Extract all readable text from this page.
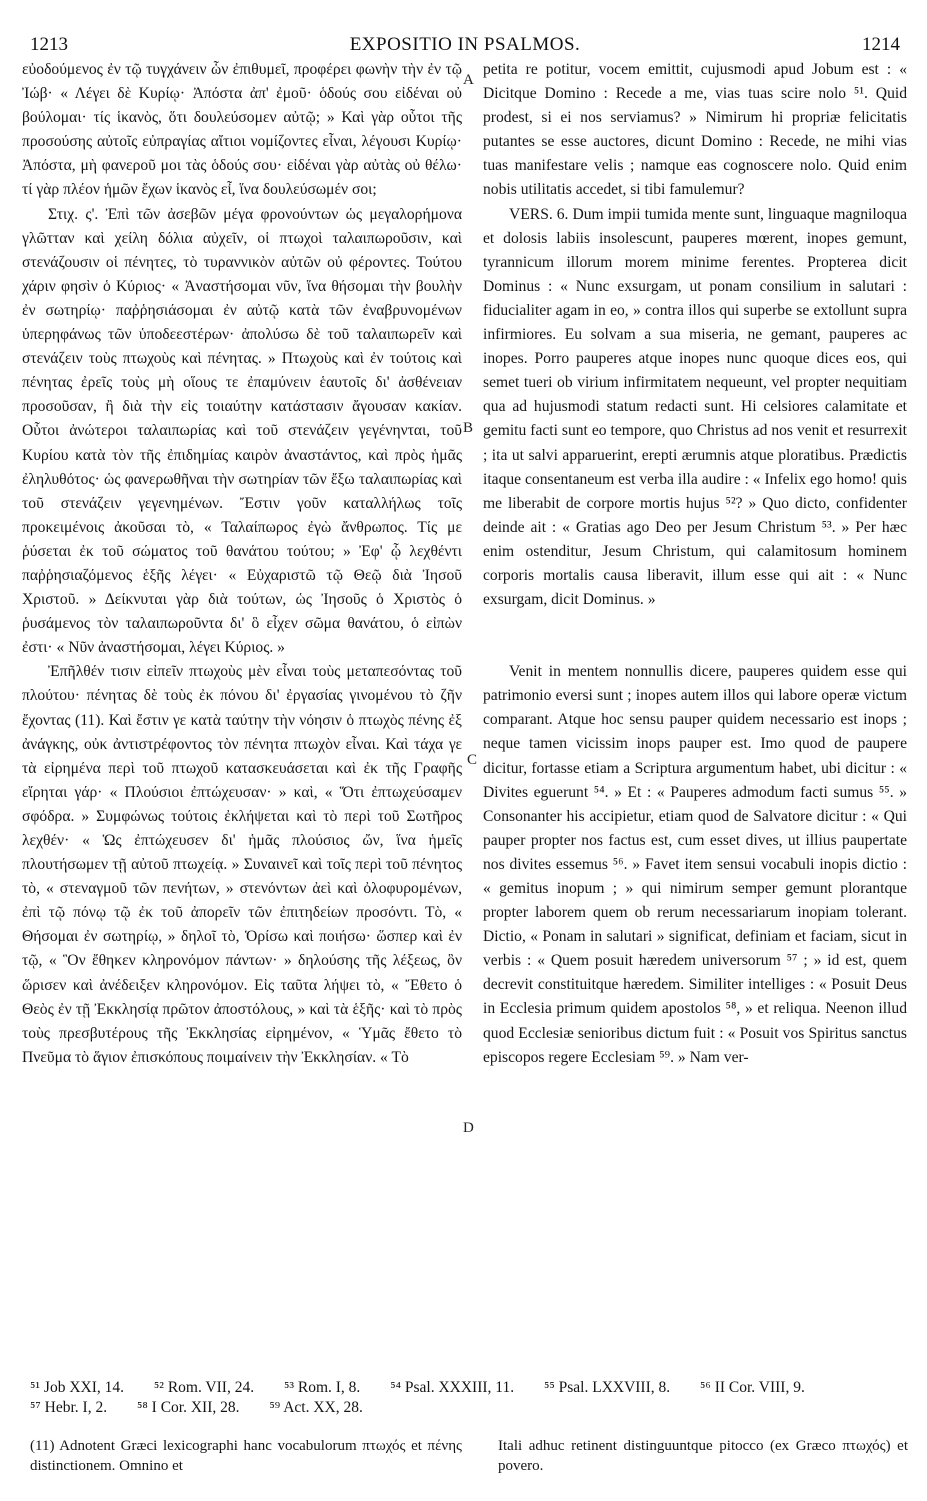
1213	EXPOSITIO IN PSALMOS.	1214

εὐοδούμενος ἐν τῷ τυγχάνειν ὧν ἐπιθυμεῖ, προφέρει φωνὴν τὴν ἐν τῷ Ἰώβ· « Λέγει δὲ Κυρίῳ· Ἀπόστα ἀπ' ἐμοῦ· ὁδούς σου εἰδέναι οὐ βούλομαι· τίς ἱκανὸς, ὅτι δουλεύσομεν αὐτῷ; » Καὶ γὰρ οὗτοι τῆς προσούσης αὐτοῖς εὐπραγίας αἴτιοι νομίζοντες εἶναι, λέγουσι Κυρίῳ· Ἀπόστα, μὴ φανεροῦ μοι τὰς ὁδούς σου· εἰδέναι γὰρ αὐτὰς οὐ θέλω· τί γὰρ πλέον ἡμῶν ἔχων ἱκανὸς εἶ, ἵνα δουλεύσωμέν σοι;

Στιχ. ς'. Ἐπὶ τῶν ἀσεβῶν μέγα φρονούντων ὡς μεγαλορήμονα γλῶτταν καὶ χείλη δόλια αὐχεῖν, οἱ πτωχοὶ ταλαιπωροῦσιν, καὶ στενάζουσιν οἱ πένητες, τὸ τυραννικὸν αὐτῶν οὐ φέροντες. Τούτου χάριν φησὶν ὁ Κύριος· « Ἀναστήσομαι νῦν, ἵνα θήσομαι τὴν βουλὴν ἐν σωτηρίῳ· παῤῥησιάσομαι ἐν αὐτῷ κατὰ τῶν ἐναβρυνομένων ὑπερηφάνως τῶν ὑποδεεστέρων· ἀπολύσω δὲ τοῦ ταλαιπωρεῖν καὶ στενάζειν τοὺς πτωχοὺς καὶ πένητας. » Πτωχοὺς καὶ ἐν τούτοις καὶ πένητας ἐρεῖς τοὺς μὴ οἵους τε ἐπαμύνειν ἑαυτοῖς δι' ἀσθένειαν προσοῦσαν, ἢ διὰ τὴν εἰς τοιαύτην κατάστασιν ἄγουσαν κακίαν. Οὗτοι ἀνώτεροι ταλαιπωρίας καὶ τοῦ στενάζειν γεγένηνται, τοῦ Κυρίου κατὰ τὸν τῆς ἐπιδημίας καιρὸν ἀναστάντος, καὶ πρὸς ἡμᾶς ἐληλυθότος· ὡς φανερωθῆναι τὴν σωτηρίαν τῶν ἔξω ταλαιπωρίας καὶ τοῦ στενάζειν γεγενημένων. Ἔστιν γοῦν καταλλήλως τοῖς προκειμένοις ἀκοῦσαι τὸ, « Ταλαίπωρος ἐγὼ ἄνθρωπος. Τίς με ῥύσεται ἐκ τοῦ σώματος τοῦ θανάτου τούτου; » Ἐφ' ᾧ λεχθέντι παῤῥησιαζόμενος ἑξῆς λέγει· « Εὐχαριστῶ τῷ Θεῷ διὰ Ἰησοῦ Χριστοῦ. » Δείκνυται γὰρ διὰ τούτων, ὡς Ἰησοῦς ὁ Χριστὸς ὁ ῥυσάμενος τὸν ταλαιπωροῦντα δι' ὃ εἶχεν σῶμα θανάτου, ὁ εἰπὼν ἐστι· « Νῦν ἀναστήσομαι, λέγει Κύριος. »

Ἐπῆλθέν τισιν εἰπεῖν πτωχοὺς μὲν εἶναι τοὺς μεταπεσόντας τοῦ πλούτου· πένητας δὲ τοὺς ἐκ πόνου δι' ἐργασίας γινομένου τὸ ζῆν ἔχοντας (11). Καὶ ἔστιν γε κατὰ ταύτην τὴν νόησιν ὁ πτωχὸς πένης ἐξ ἀνάγκης, οὐκ ἀντιστρέφοντος τὸν πένητα πτωχὸν εἶναι. Καὶ τάχα γε τὰ εἰρημένα περὶ τοῦ πτωχοῦ κατασκευάσεται καὶ ἐκ τῆς Γραφῆς εἴρηται γάρ· « Πλούσιοι ἐπτώχευσαν· » καὶ, « Ὅτι ἐπτωχεύσαμεν σφόδρα. » Συμφώνως τούτοις ἐκλήψεται καὶ τὸ περὶ τοῦ Σωτῆρος λεχθέν· « Ὡς ἐπτώχευσεν δι' ἡμᾶς πλούσιος ὤν, ἵνα ἡμεῖς πλουτήσωμεν τῇ αὐτοῦ πτωχείᾳ. » Συναινεῖ καὶ τοῖς περὶ τοῦ πένητος τὸ, « στεναγμοῦ τῶν πενήτων, » στενόντων ἀεὶ καὶ ὀλοφυρομένων, ἐπὶ τῷ πόνῳ τῷ ἐκ τοῦ ἀπορεῖν τῶν ἐπιτηδείων προσόντι. Τὸ, « Θήσομαι ἐν σωτηρίῳ, » δηλοῖ τὸ, Ὁρίσω καὶ ποιήσω· ὥσπερ καὶ ἐν τῷ, « Ὃν ἔθηκεν κληρονόμον πάντων· » δηλούσης τῆς λέξεως, ὃν ὥρισεν καὶ ἀνέδειξεν κληρονόμον. Εἰς ταῦτα λήψει τὸ, « Ἔθετο ὁ Θεὸς ἐν τῇ Ἐκκλησίᾳ πρῶτον ἀποστόλους, » καὶ τὰ ἑξῆς· καὶ τὸ πρὸς τοὺς πρεσβυτέρους τῆς Ἐκκλησίας εἰρημένον, « Ὑμᾶς ἔθετο τὸ Πνεῦμα τὸ ἅγιον ἐπισκόπους ποιμαίνειν τὴν Ἐκκλησίαν. « Τὸ

petita re potitur, vocem emittit, cujusmodi apud Jobum est : « Dicitque Domino : Recede a me, vias tuas scire nolo ⁵¹. Quid prodest, si ei nos serviamus? » Nimirum hi propriæ felicitatis putantes se esse auctores, dicunt Domino : Recede, ne mihi vias tuas manifestare velis ; namque eas cognoscere nolo. Quid enim nobis utilitatis accedet, si tibi famulemur?

VERS. 6. Dum impii tumida mente sunt, linguaque magniloqua et dolosis labiis insolescunt, pauperes mœrent, inopes gemunt, tyrannicum illorum morem minime ferentes. Propterea dicit Dominus : « Nunc exsurgam, ut ponam consilium in salutari : fiducialiter agam in eo, » contra illos qui superbe se extollunt supra infirmiores. Eu solvam a sua miseria, ne gemant, pauperes ac inopes. Porro pauperes atque inopes nunc quoque dices eos, qui semet tueri ob virium infirmitatem nequeunt, vel propter nequitiam qua ad hujusmodi statum redacti sunt. Hi celsiores calamitate et gemitu facti sunt eo tempore, quo Christus ad nos venit et resurrexit ; ita ut salvi apparuerint, erepti ærumnis atque ploratibus. Prædictis itaque consentaneum est verba illa audire : « Infelix ego homo! quis me liberabit de corpore mortis hujus ⁵²? » Quo dicto, confidenter deinde ait : « Gratias ago Deo per Jesum Christum ⁵³. » Per hæc enim ostenditur, Jesum Christum, qui calamitosum hominem corporis mortalis causa liberavit, illum esse qui ait : « Nunc exsurgam, dicit Dominus. »

Venit in mentem nonnullis dicere, pauperes quidem esse qui patrimonio eversi sunt ; inopes autem illos qui labore operæ victum comparant. Atque hoc sensu pauper quidem necessario est inops ; neque tamen vicissim inops pauper est. Imo quod de paupere dicitur, fortasse etiam a Scriptura argumentum habet, ubi dicitur : « Divites eguerunt ⁵⁴. » Et : « Pauperes admodum facti sumus ⁵⁵. » Consonanter his accipietur, etiam quod de Salvatore dicitur : « Qui pauper propter nos factus est, cum esset dives, ut illius paupertate nos divites essemus ⁵⁶. » Favet item sensui vocabuli inopis dictio : « gemitus inopum ; » qui nimirum semper gemunt plorantque propter laborem quem ob rerum necessariarum inopiam tolerant. Dictio, « Ponam in salutari » significat, definiam et faciam, sicut in verbis : « Quem posuit hæredem universorum ⁵⁷ ; » id est, quem decrevit constituitque hæredem. Similiter intelliges : « Posuit Deus in Ecclesia primum quidem apostolos ⁵⁸, » et reliqua. Neenon illud quod Ecclesiæ senioribus dictum fuit : « Posuit vos Spiritus sanctus episcopos regere Ecclesiam ⁵⁹. » Nam ver-

A
B
C
D
⁵¹ Job XXI, 14. ⁵² Rom. VII, 24. ⁵³ Rom. I, 8. ⁵⁴ Psal. XXXIII, 11. ⁵⁵ Psal. LXXVIII, 8. ⁵⁶ II Cor. VIII, 9.
⁵⁷ Hebr. I, 2. ⁵⁸ I Cor. XII, 28. ⁵⁹ Act. XX, 28.
(11) Adnotent Græci lexicographi hanc vocabulorum πτωχός et πένης distinctionem. Omnino et
Itali adhuc retinent distinguuntque pitocco (ex Græco πτωχός) et povero.
